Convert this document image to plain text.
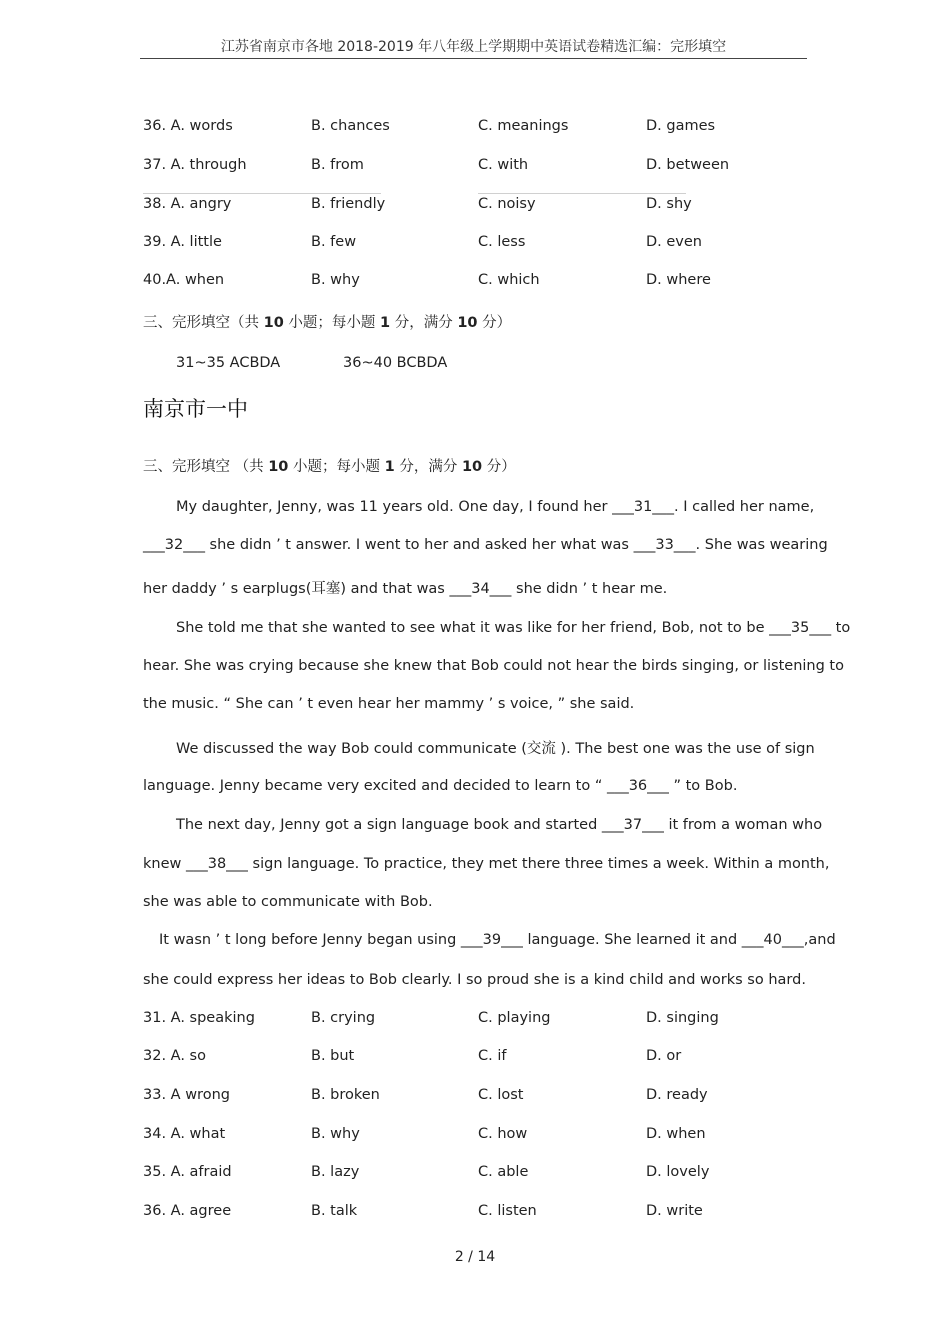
江苏省南京市各地 2018-2019 年八年级上学期期中英语试卷精选汇编：完形填空
36. A. words	B. chances	C. meanings	D. games
37. A. through	B. from	C. with	D. between
38. A. angry	B. friendly	C. noisy	D. shy
39. A. little	B. few	C. less	D. even
40.A. when	B. why	C. which	D. where
三、完形填空（共 10 小题；每小题 1 分，满分 10 分）
31~35 ACBDA	36~40 BCBDA
南京市一中
三、完形填空 （共 10 小题；每小题 1 分，满分 10 分）
My daughter, Jenny, was 11 years old. One day, I found her ___31___. I called her name,
___32___ she didn ’ t answer. I went to her and asked her what was ___33___. She was wearing
her daddy ’ s earplugs(耳塞) and that was ___34___ she didn ’ t hear me.
She told me that she wanted to see what it was like for her friend, Bob, not to be ___35___ to
hear. She was crying because she knew that Bob could not hear the birds singing, or listening to
the music. “ She can ’ t even hear her mammy ’ s voice, ” she said.
We discussed the way Bob could communicate (交流 ). The best one was the use of sign
language. Jenny became very excited and decided to learn to “ ___36___ ” to Bob.
The next day, Jenny got a sign language book and started ___37___ it from a woman who
knew ___38___ sign language. To practice, they met there three times a week. Within a month,
she was able to communicate with Bob.
It wasn ’ t long before Jenny began using ___39___ language. She learned it and ___40___,and
she could express her ideas to Bob clearly. I so proud she is a kind child and works so hard.
31. A. speaking	B. crying	C. playing	D. singing
32. A. so	B. but	C. if	D. or
33. A wrong	B. broken	C. lost	D. ready
34. A. what	B. why	C. how	D. when
35. A. afraid	B. lazy	C. able	D. lovely
36. A. agree	B. talk	C. listen	D. write
2 / 14
